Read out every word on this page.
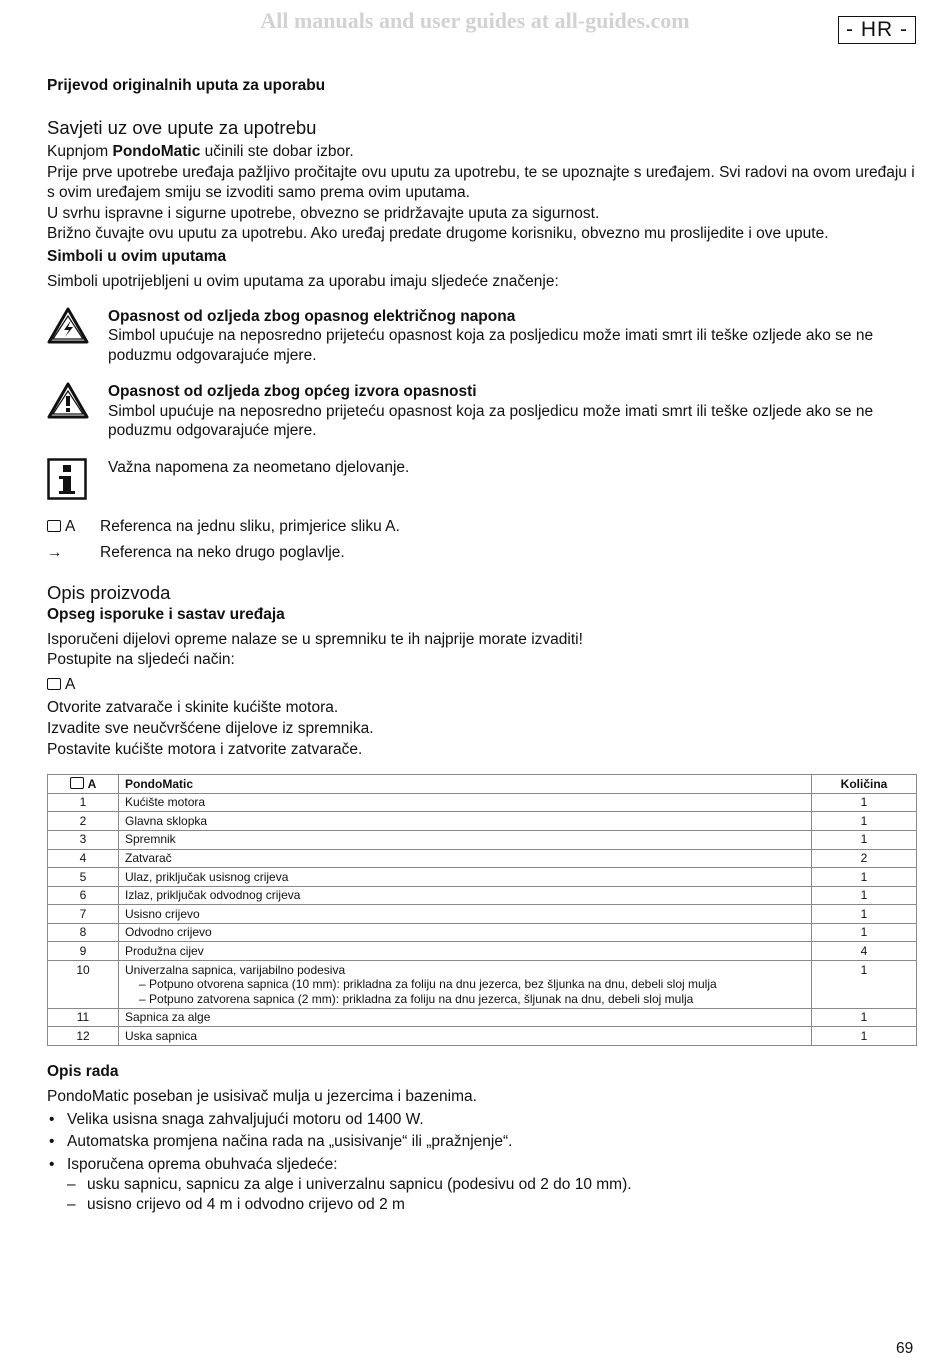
All manuals and user guides at all-guides.com	- HR -

Prijevod originalnih uputa za uporabu

Savjeti uz ove upute za upotrebu

Kupnjom PondoMatic učinili ste dobar izbor.

Prije prve upotrebe uređaja pažljivo pročitajte ovu uputu za upotrebu, te se upoznajte s uređajem. Svi radovi na ovom uređaju i s ovim uređajem smiju se izvoditi samo prema ovim uputama.

U svrhu ispravne i sigurne upotrebe, obvezno se pridržavajte uputa za sigurnost.

Brižno čuvajte ovu uputu za upotrebu. Ako uređaj predate drugome korisniku, obvezno mu proslijedite i ove upute.

Simboli u ovim uputama

Simboli upotrijebljeni u ovim uputama za uporabu imaju sljedeće značenje:

Opasnost od ozljeda zbog opasnog električnog napona
Simbol upućuje na neposredno prijeteću opasnost koja za posljedicu može imati smrt ili teške ozljede ako se ne poduzmu odgovarajuće mjere.
Opasnost od ozljeda zbog općeg izvora opasnosti
Simbol upućuje na neposredno prijeteću opasnost koja za posljedicu može imati smrt ili teške ozljede ako se ne poduzmu odgovarajuće mjere.
Važna napomena za neometano djelovanje.
A	Referenca na jednu sliku, primjerice sliku A.
→	Referenca na neko drugo poglavlje.
Opis proizvoda

Opseg isporuke i sastav uređaja

Isporučeni dijelovi opreme nalaze se u spremniku te ih najprije morate izvaditi!

Postupite na sljedeći način:

A

Otvorite zatvarače i skinite kućište motora.

Izvadite sve neučvršćene dijelove iz spremnika.

Postavite kućište motora i zatvorite zatvarače.

A	PondoMatic	Količina
1	Kućište motora	1
2	Glavna sklopka	1
3	Spremnik	1
4	Zatvarač	2
5	Ulaz, priključak usisnog crijeva	1
6	Izlaz, priključak odvodnog crijeva	1
7	Usisno crijevo	1
8	Odvodno crijevo	1
9	Produžna cijev	4
10	Univerzalna sapnica, varijabilno podesiva
– Potpuno otvorena sapnica (10 mm): prikladna za foliju na dnu jezerca, bez šljunka na dnu, debeli sloj mulja
– Potpuno zatvorena sapnica (2 mm): prikladna za foliju na dnu jezerca, šljunak na dnu, debeli sloj mulja	1
11	Sapnica za alge	1
12	Uska sapnica	1

Opis rada

PondoMatic poseban je usisivač mulja u jezercima i bazenima.

• Velika usisna snaga zahvaljujući motoru od 1400 W.
• Automatska promjena načina rada na „usisivanje“ ili „pražnjenje“.
• Isporučena oprema obuhvaća sljedeće:
– usku sapnicu, sapnicu za alge i univerzalnu sapnicu (podesivu od 2 do 10 mm).
– usisno crijevo od 4 m i odvodno crijevo od 2 m
69
